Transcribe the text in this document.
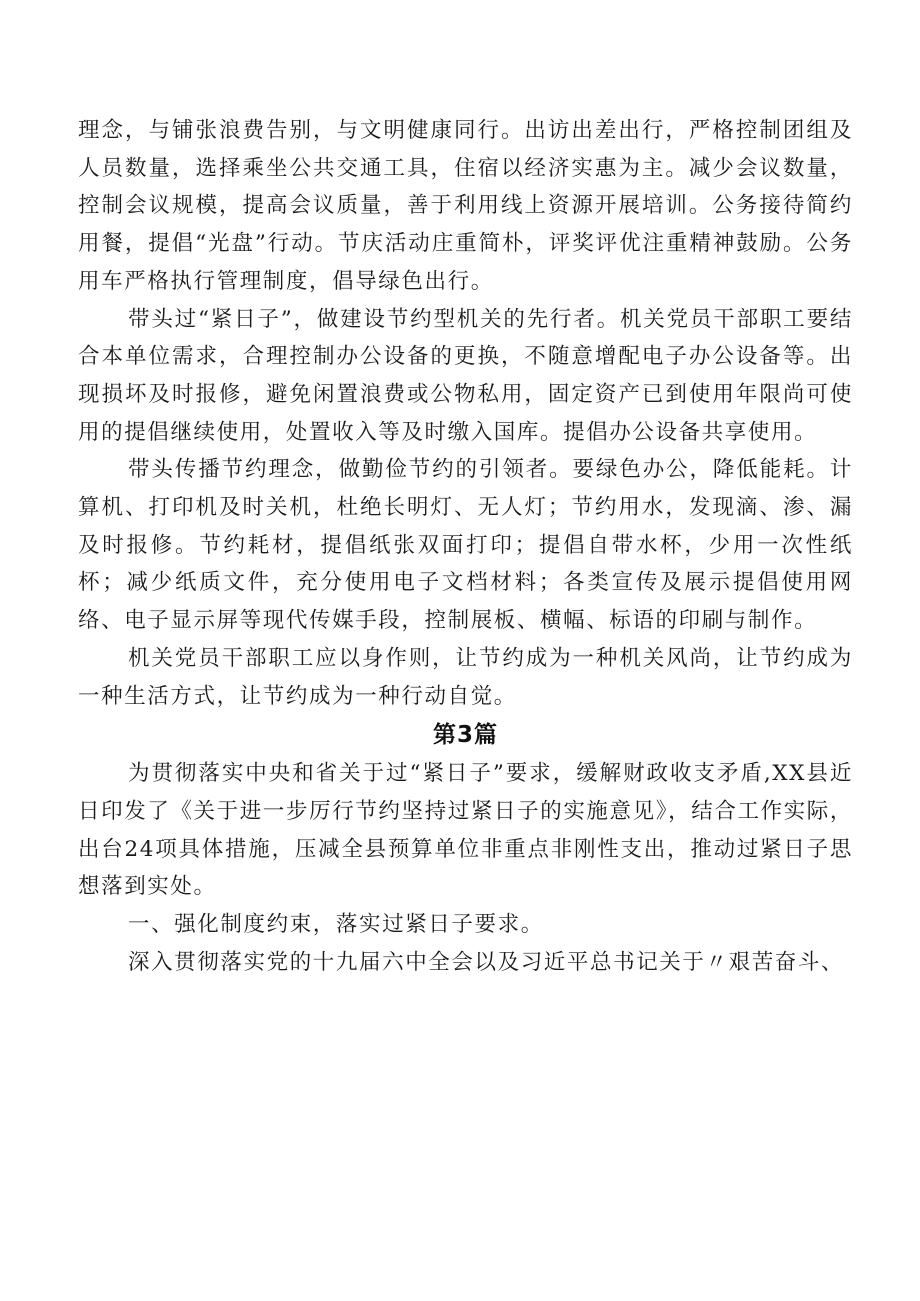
理念，与铺张浪费告别，与文明健康同行。出访出差出行，严格控制团组及人员数量，选择乘坐公共交通工具，住宿以经济实惠为主。减少会议数量，控制会议规模，提高会议质量，善于利用线上资源开展培训。公务接待简约用餐，提倡“光盘”行动。节庆活动庄重简朴，评奖评优注重精神鼓励。公务用车严格执行管理制度，倡导绿色出行。

带头过“紧日子”，做建设节约型机关的先行者。机关党员干部职工要结合本单位需求，合理控制办公设备的更换，不随意增配电子办公设备等。出现损坏及时报修，避免闲置浪费或公物私用，固定资产已到使用年限尚可使用的提倡继续使用，处置收入等及时缴入国库。提倡办公设备共享使用。

带头传播节约理念，做勤俭节约的引领者。要绿色办公，降低能耗。计算机、打印机及时关机，杜绝长明灯、无人灯；节约用水，发现滴、渗、漏及时报修。节约耗材，提倡纸张双面打印；提倡自带水杯，少用一次性纸杯；减少纸质文件，充分使用电子文档材料；各类宣传及展示提倡使用网络、电子显示屏等现代传媒手段，控制展板、横幅、标语的印刷与制作。

机关党员干部职工应以身作则，让节约成为一种机关风尚，让节约成为一种生活方式，让节约成为一种行动自觉。

第3篇

为贯彻落实中央和省关于过“紧日子”要求，缓解财政收支矛盾,XX县近日印发了《关于进一步厉行节约坚持过紧日子的实施意见》，结合工作实际，出台24项具体措施，压减全县预算单位非重点非刚性支出，推动过紧日子思想落到实处。

一、强化制度约束，落实过紧日子要求。

深入贯彻落实党的十九届六中全会以及习近平总书记关于〃艰苦奋斗、
